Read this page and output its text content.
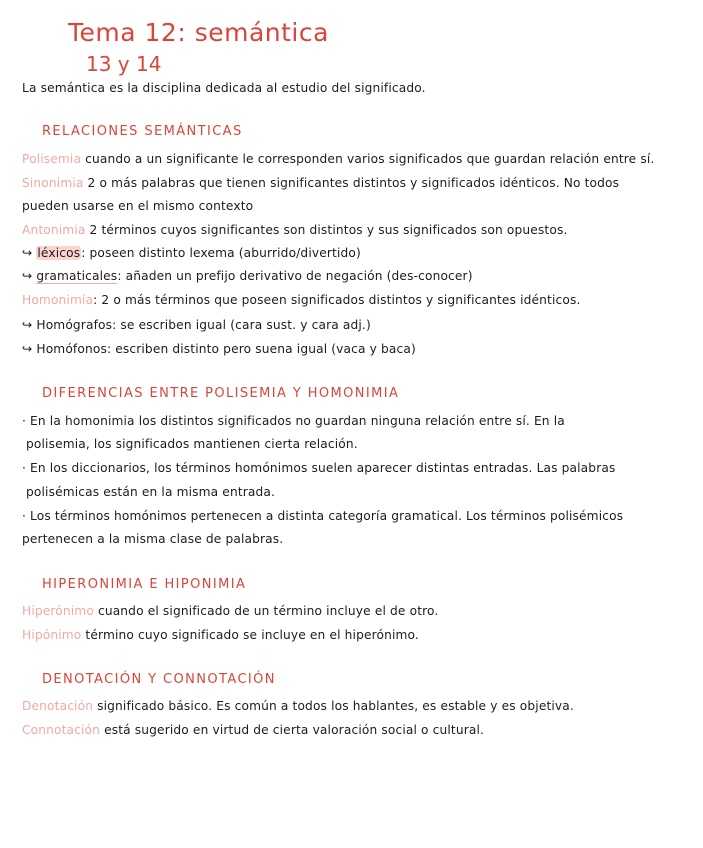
Tema 12: semántica
13 y 14
La semántica es la disciplina dedicada al estudio del significado.
RELACIONES SEMÁNTICAS
Polisemia cuando a un significante le corresponden varios significados que guardan relación entre sí.
Sinonimia 2 o más palabras que tienen significantes distintos y significados idénticos. No todos
pueden usarse en el mismo contexto
Antonimia 2 términos cuyos significantes son distintos y sus significados son opuestos.
↪ léxicos: poseen distinto lexema (aburrido/divertido)
↪ gramaticales: añaden un prefijo derivativo de negación (des-conocer)
Homonimia: 2 o más términos que poseen significados distintos y significantes idénticos.
↪ Homógrafos: se escriben igual (cara sust. y cara adj.)
↪ Homófonos: escriben distinto pero suena igual (vaca y baca)
DIFERENCIAS ENTRE POLISEMIA Y HOMONIMIA
· En la homonimia los distintos significados no guardan ninguna relación entre sí. En la
polisemia, los significados mantienen cierta relación.
· En los diccionarios, los términos homónimos suelen aparecer distintas entradas. Las palabras
polisémicas están en la misma entrada.
· Los términos homónimos pertenecen a distinta categoría gramatical. Los términos polisémicos
pertenecen a la misma clase de palabras.
HIPERONIMIA E HIPONIMIA
Hiperónimo cuando el significado de un término incluye el de otro.
Hipónimo término cuyo significado se incluye en el hiperónimo.
DENOTACIÓN Y CONNOTACIÓN
Denotación significado básico. Es común a todos los hablantes, es estable y es objetiva.
Connotación está sugerido en virtud de cierta valoración social o cultural.
